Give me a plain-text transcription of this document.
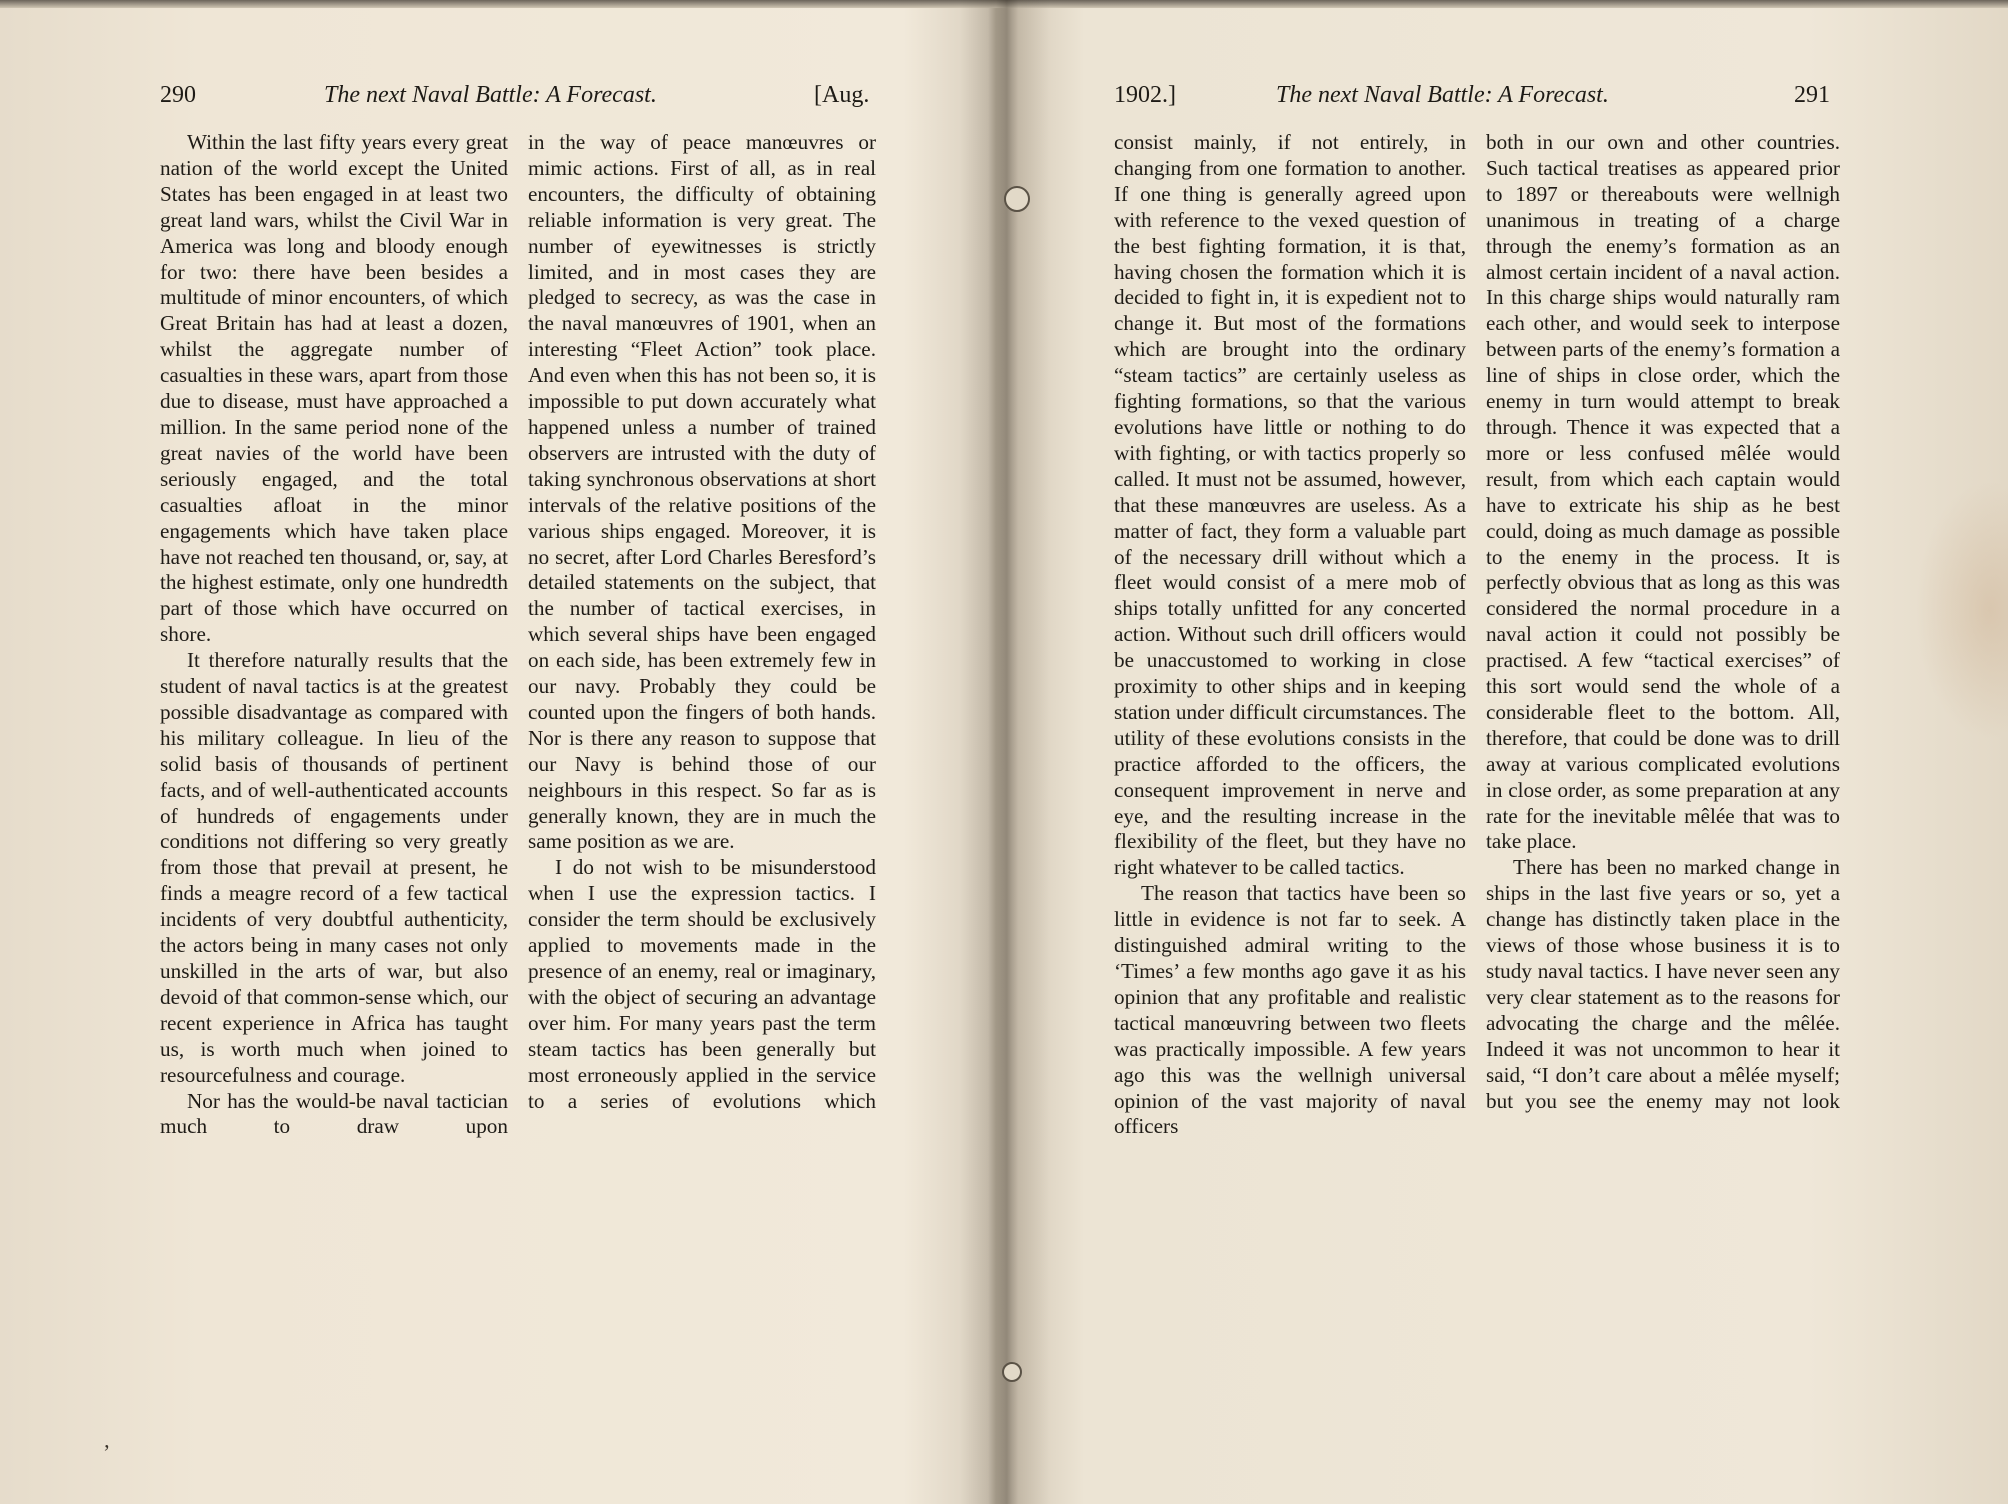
290	The next Naval Battle: A Forecast.	[Aug.

Within the last fifty years every great nation of the world except the United States has been engaged in at least two great land wars, whilst the Civil War in America was long and bloody enough for two: there have been besides a multitude of minor encounters, of which Great Britain has had at least a dozen, whilst the aggregate number of casualties in these wars, apart from those due to disease, must have approached a million. In the same period none of the great navies of the world have been seriously engaged, and the total casualties afloat in the minor engagements which have taken place have not reached ten thousand, or, say, at the highest estimate, only one hundredth part of those which have occurred on shore.

It therefore naturally results that the student of naval tactics is at the greatest possible disadvantage as compared with his military colleague. In lieu of the solid basis of thousands of pertinent facts, and of well-authenticated accounts of hundreds of engagements under conditions not differing so very greatly from those that prevail at present, he finds a meagre record of a few tactical incidents of very doubtful authenticity, the actors being in many cases not only unskilled in the arts of war, but also devoid of that common-sense which, our recent experience in Africa has taught us, is worth much when joined to resourcefulness and courage.

Nor has the would-be naval tactician much to draw upon

in the way of peace manœuvres or mimic actions. First of all, as in real encounters, the difficulty of obtaining reliable information is very great. The number of eyewitnesses is strictly limited, and in most cases they are pledged to secrecy, as was the case in the naval manœuvres of 1901, when an interesting “Fleet Action” took place. And even when this has not been so, it is impossible to put down accurately what happened unless a number of trained observers are intrusted with the duty of taking synchronous observations at short intervals of the relative positions of the various ships engaged. Moreover, it is no secret, after Lord Charles Beresford’s detailed statements on the subject, that the number of tactical exercises, in which several ships have been engaged on each side, has been extremely few in our navy. Probably they could be counted upon the fingers of both hands. Nor is there any reason to suppose that our Navy is behind those of our neighbours in this respect. So far as is generally known, they are in much the same position as we are.

I do not wish to be misunderstood when I use the expression tactics. I consider the term should be exclusively applied to movements made in the presence of an enemy, real or imaginary, with the object of securing an advantage over him. For many years past the term steam tactics has been generally but most erroneously applied in the service to a series of evolutions which

1902.]	The next Naval Battle: A Forecast.	291

consist mainly, if not entirely, in changing from one formation to another. If one thing is generally agreed upon with reference to the vexed question of the best fighting formation, it is that, having chosen the formation which it is decided to fight in, it is expedient not to change it. But most of the formations which are brought into the ordinary “steam tactics” are certainly useless as fighting formations, so that the various evolutions have little or nothing to do with fighting, or with tactics properly so called. It must not be assumed, however, that these manœuvres are useless. As a matter of fact, they form a valuable part of the necessary drill without which a fleet would consist of a mere mob of ships totally unfitted for any concerted action. Without such drill officers would be unaccustomed to working in close proximity to other ships and in keeping station under difficult circumstances. The utility of these evolutions consists in the practice afforded to the officers, the consequent improvement in nerve and eye, and the resulting increase in the flexibility of the fleet, but they have no right whatever to be called tactics.

The reason that tactics have been so little in evidence is not far to seek. A distinguished admiral writing to the ‘Times’ a few months ago gave it as his opinion that any profitable and realistic tactical manœuvring between two fleets was practically impossible. A few years ago this was the wellnigh universal opinion of the vast majority of naval officers

both in our own and other countries. Such tactical treatises as appeared prior to 1897 or thereabouts were wellnigh unanimous in treating of a charge through the enemy’s formation as an almost certain incident of a naval action. In this charge ships would naturally ram each other, and would seek to interpose between parts of the enemy’s formation a line of ships in close order, which the enemy in turn would attempt to break through. Thence it was expected that a more or less confused mêlée would result, from which each captain would have to extricate his ship as he best could, doing as much damage as possible to the enemy in the process. It is perfectly obvious that as long as this was considered the normal procedure in a naval action it could not possibly be practised. A few “tactical exercises” of this sort would send the whole of a considerable fleet to the bottom. All, therefore, that could be done was to drill away at various complicated evolutions in close order, as some preparation at any rate for the inevitable mêlée that was to take place.

There has been no marked change in ships in the last five years or so, yet a change has distinctly taken place in the views of those whose business it is to study naval tactics. I have never seen any very clear statement as to the reasons for advocating the charge and the mêlée. Indeed it was not uncommon to hear it said, “I don’t care about a mêlée myself; but you see the enemy may not look

ʼ
